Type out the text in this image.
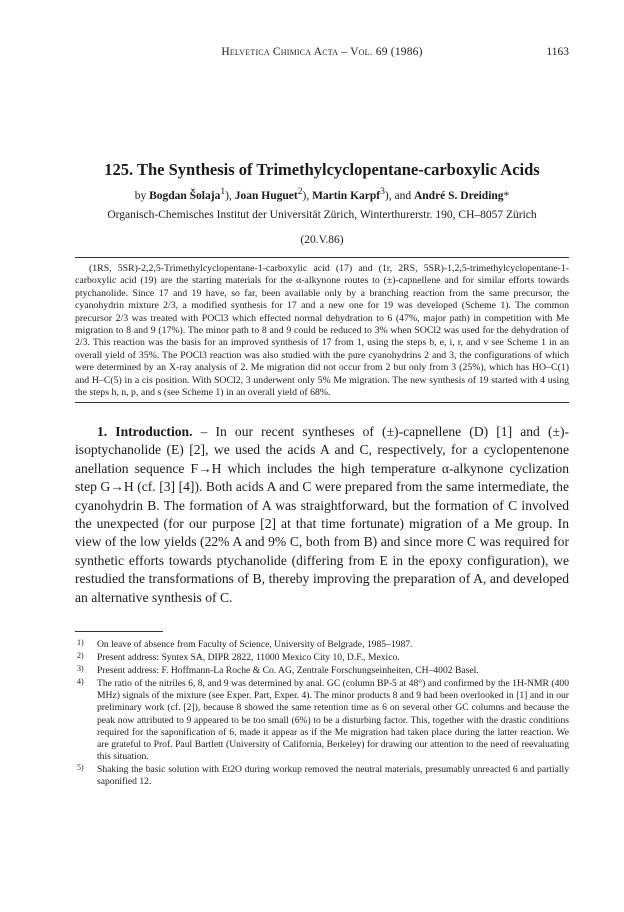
Helvetica Chimica Acta – Vol. 69 (1986)	1163
125. The Synthesis of Trimethylcyclopentane-carboxylic Acids
by Bogdan Šolaja$^1$), Joan Huguet$^2$), Martin Karpf$^3$), and André S. Dreiding*
Organisch-Chemisches Institut der Universität Zürich, Winterthurerstr. 190, CH–8057 Zürich
(20.V.86)

(1RS, 5SR)-2,2,5-Trimethylcyclopentane-1-carboxylic acid (17) and (1r, 2RS, 5SR)-1,2,5-trimethylcyclopentane-1-carboxylic acid (19) are the starting materials for the α-alkynone routes to (±)-capnellene and for similar efforts towards ptychanolide. Since 17 and 19 have, so far, been available only by a branching reaction from the same precursor, the cyanohydrin mixture 2/3, a modified synthesis for 17 and a new one for 19 was developed (Scheme 1). The common precursor 2/3 was treated with POCl3 which effected normal dehydration to 6 (47%, major path) in competition with Me migration to 8 and 9 (17%). The minor path to 8 and 9 could be reduced to 3% when SOCl2 was used for the dehydration of 2/3. This reaction was the basis for an improved synthesis of 17 from 1, using the steps b, e, i, r, and v see Scheme 1 in an overall yield of 35%. The POCl3 reaction was also studied with the pure cyanohydrins 2 and 3, the configurations of which were determined by an X-ray analysis of 2. Me migration did not occur from 2 but only from 3 (25%), which has HO–C(1) and H–C(5) in a cis position. With SOCl2, 3 underwent only 5% Me migration. The new synthesis of 19 started with 4 using the steps h, n, p, and s (see Scheme 1) in an overall yield of 68%.

1. Introduction. – In our recent syntheses of (±)-capnellene (D) [1] and (±)-isoptychanolide (E) [2], we used the acids A and C, respectively, for a cyclopentenone anellation sequence F→H which includes the high temperature α-alkynone cyclization step G→H (cf. [3] [4]). Both acids A and C were prepared from the same intermediate, the cyanohydrin B. The formation of A was straightforward, but the formation of C involved the unexpected (for our purpose [2] at that time fortunate) migration of a Me group. In view of the low yields (22% A and 9% C, both from B) and since more C was required for synthetic efforts towards ptychanolide (differing from E in the epoxy configuration), we restudied the transformations of B, thereby improving the preparation of A, and developed an alternative synthesis of C.

1) On leave of absence from Faculty of Science, University of Belgrade, 1985–1987.
2) Present address: Syntex SA, DIPR 2822, 11000 Mexico City 10, D.F., Mexico.
3) Present address: F. Hoffmann-La Roche & Co. AG, Zentrale Forschungseinheiten, CH–4002 Basel.
4) The ratio of the nitriles 6, 8, and 9 was determined by anal. GC (column BP-5 at 48°) and confirmed by the 1H-NMR (400 MHz) signals of the mixture (see Exper. Part, Exper. 4). The minor products 8 and 9 had been overlooked in [1] and in our preliminary work (cf. [2]), because 8 showed the same retention time as 6 on several other GC columns and because the peak now attributed to 9 appeared to be too small (6%) to be a disturbing factor. This, together with the drastic conditions required for the saponification of 6, made it appear as if the Me migration had taken place during the latter reaction. We are grateful to Prof. Paul Bartlett (University of California, Berkeley) for drawing our attention to the need of reevaluating this situation.
5) Shaking the basic solution with Et2O during workup removed the neutral materials, presumably unreacted 6 and partially saponified 12.
